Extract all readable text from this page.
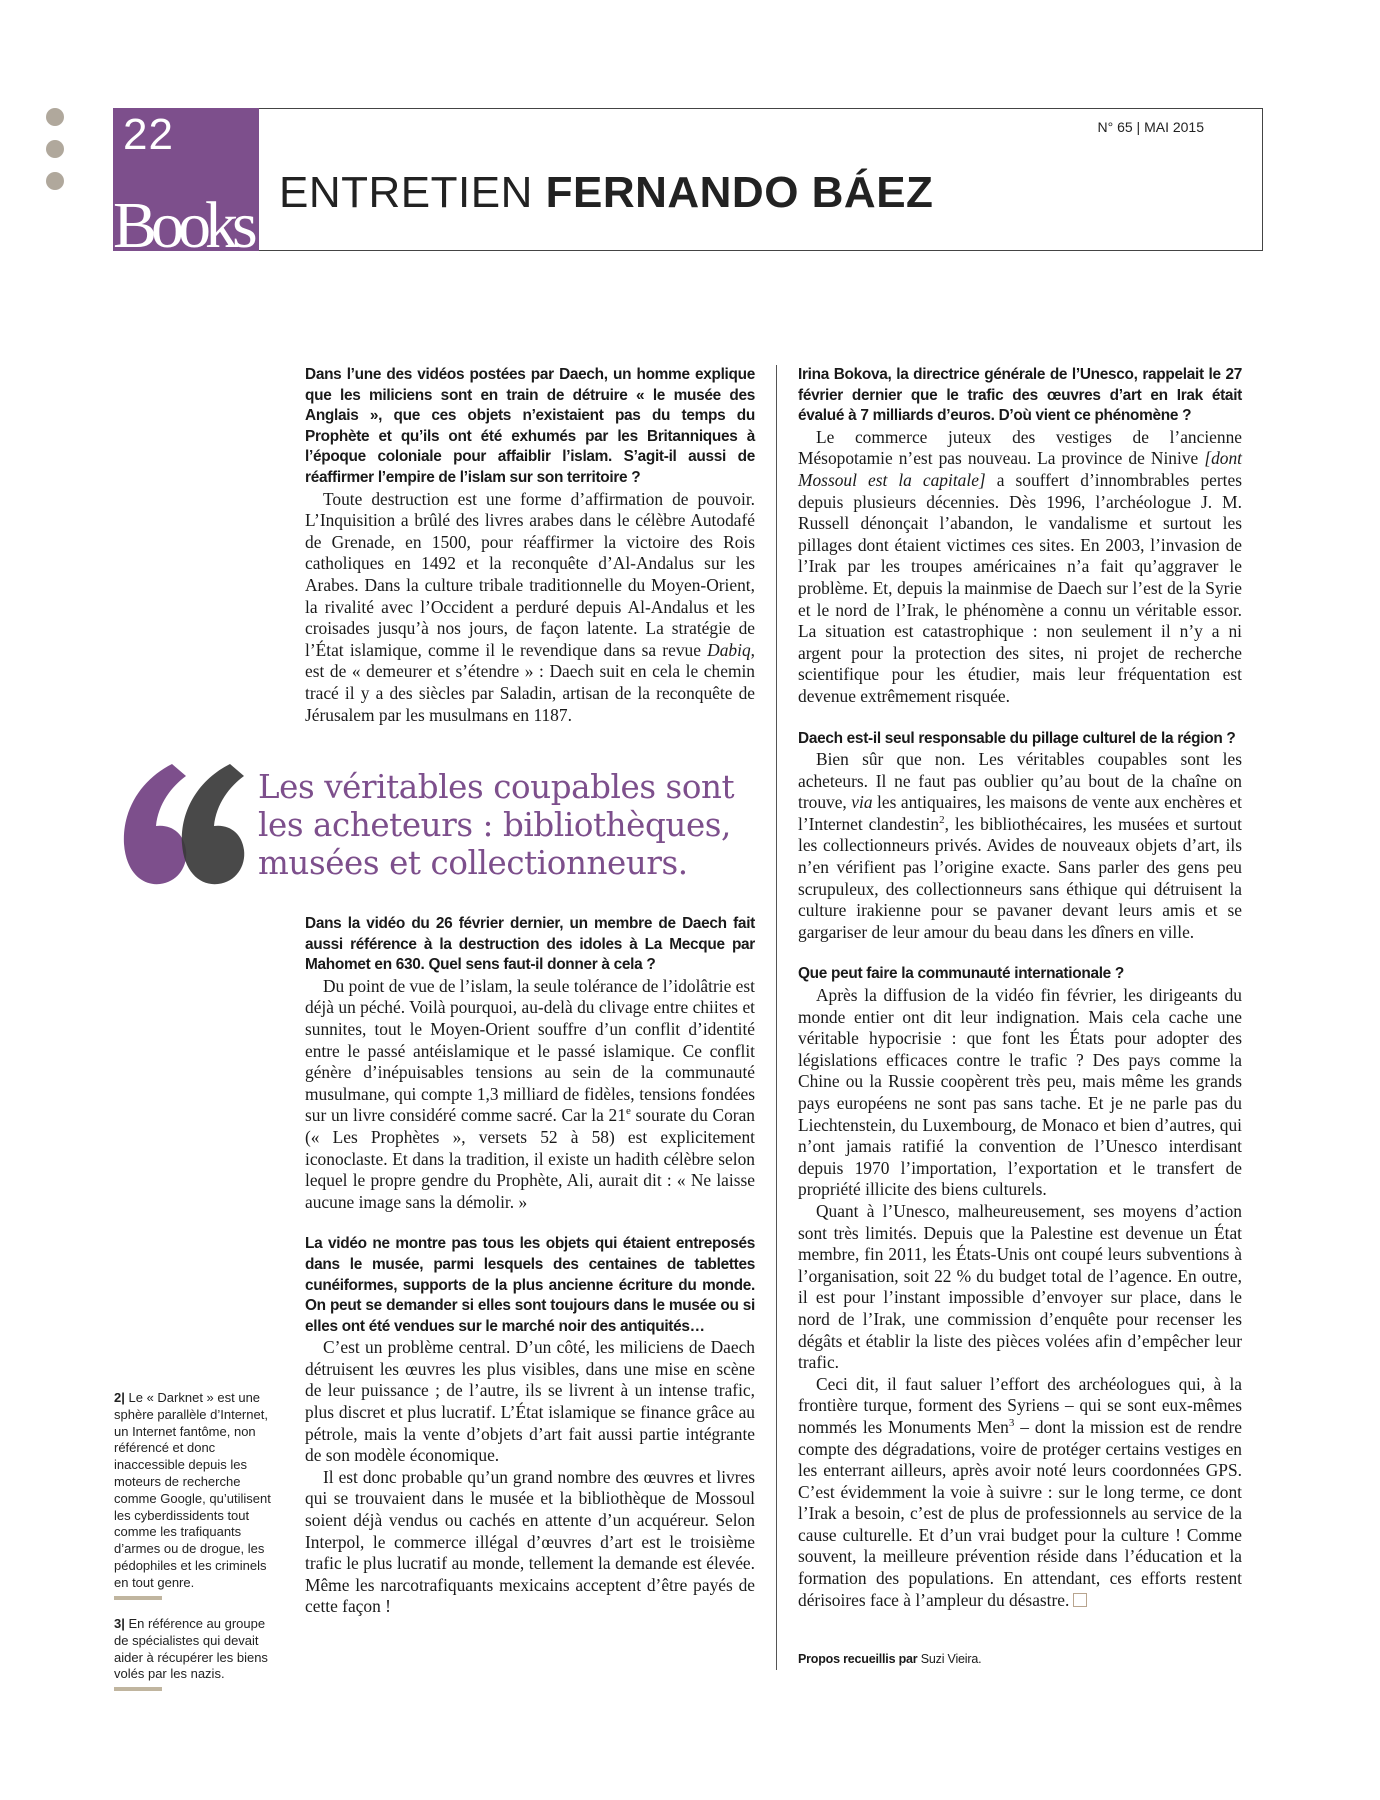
22
Books
N° 65 | MAI 2015
ENTRETIEN FERNANDO BÁEZ

Dans l’une des vidéos postées par Daech, un homme explique que les miliciens sont en train de détruire « le musée des Anglais », que ces objets n’existaient pas du temps du Prophète et qu’ils ont été exhumés par les Britanniques à l’époque coloniale pour affaiblir l’islam. S’agit-il aussi de réaffirmer l’empire de l’islam sur son territoire ?

Toute destruction est une forme d’affirmation de pouvoir. L’Inquisition a brûlé des livres arabes dans le célèbre Autodafé de Grenade, en 1500, pour réaffirmer la victoire des Rois catholiques en 1492 et la reconquête d’Al-Andalus sur les Arabes. Dans la culture tribale traditionnelle du Moyen-Orient, la rivalité avec l’Occident a perduré depuis Al-Andalus et les croisades jusqu’à nos jours, de façon latente. La stratégie de l’État islamique, comme il le revendique dans sa revue Dabiq, est de « demeurer et s’étendre » : Daech suit en cela le chemin tracé il y a des siècles par Saladin, artisan de la reconquête de Jérusalem par les musulmans en 1187.

Les véritables coupables sont les acheteurs : bibliothèques, musées et collectionneurs.

Dans la vidéo du 26 février dernier, un membre de Daech fait aussi référence à la destruction des idoles à La Mecque par Mahomet en 630. Quel sens faut-il donner à cela ?

Du point de vue de l’islam, la seule tolérance de l’idolâtrie est déjà un péché. Voilà pourquoi, au-delà du clivage entre chiites et sunnites, tout le Moyen-Orient souffre d’un conflit d’identité entre le passé antéislamique et le passé islamique. Ce conflit génère d’inépuisables tensions au sein de la communauté musulmane, qui compte 1,3 milliard de fidèles, tensions fondées sur un livre considéré comme sacré. Car la 21e sourate du Coran (« Les Prophètes », versets 52 à 58) est explicitement iconoclaste. Et dans la tradition, il existe un hadith célèbre selon lequel le propre gendre du Prophète, Ali, aurait dit : « Ne laisse aucune image sans la démolir. »

La vidéo ne montre pas tous les objets qui étaient entreposés dans le musée, parmi lesquels des centaines de tablettes cunéiformes, supports de la plus ancienne écriture du monde. On peut se demander si elles sont toujours dans le musée ou si elles ont été vendues sur le marché noir des antiquités…

C’est un problème central. D’un côté, les miliciens de Daech détruisent les œuvres les plus visibles, dans une mise en scène de leur puissance ; de l’autre, ils se livrent à un intense trafic, plus discret et plus lucratif. L’État islamique se finance grâce au pétrole, mais la vente d’objets d’art fait aussi partie intégrante de son modèle économique.

Il est donc probable qu’un grand nombre des œuvres et livres qui se trouvaient dans le musée et la bibliothèque de Mossoul soient déjà vendus ou cachés en attente d’un acquéreur. Selon Interpol, le commerce illégal d’œuvres d’art est le troisième trafic le plus lucratif au monde, tellement la demande est élevée. Même les narcotrafiquants mexicains acceptent d’être payés de cette façon !

Irina Bokova, la directrice générale de l’Unesco, rappelait le 27 février dernier que le trafic des œuvres d’art en Irak était évalué à 7 milliards d’euros. D’où vient ce phénomène ?

Le commerce juteux des vestiges de l’ancienne Mésopotamie n’est pas nouveau. La province de Ninive [dont Mossoul est la capitale] a souffert d’innombrables pertes depuis plusieurs décennies. Dès 1996, l’archéologue J. M. Russell dénonçait l’abandon, le vandalisme et surtout les pillages dont étaient victimes ces sites. En 2003, l’invasion de l’Irak par les troupes américaines n’a fait qu’aggraver le problème. Et, depuis la mainmise de Daech sur l’est de la Syrie et le nord de l’Irak, le phénomène a connu un véritable essor. La situation est catastrophique : non seulement il n’y a ni argent pour la protection des sites, ni projet de recherche scientifique pour les étudier, mais leur fréquentation est devenue extrêmement risquée.

Daech est-il seul responsable du pillage culturel de la région ?

Bien sûr que non. Les véritables coupables sont les acheteurs. Il ne faut pas oublier qu’au bout de la chaîne on trouve, via les antiquaires, les maisons de vente aux enchères et l’Internet clandestin$^2$, les bibliothécaires, les musées et surtout les collectionneurs privés. Avides de nouveaux objets d’art, ils n’en vérifient pas l’origine exacte. Sans parler des gens peu scrupuleux, des collectionneurs sans éthique qui détruisent la culture irakienne pour se pavaner devant leurs amis et se gargariser de leur amour du beau dans les dîners en ville.

Que peut faire la communauté internationale ?

Après la diffusion de la vidéo fin février, les dirigeants du monde entier ont dit leur indignation. Mais cela cache une véritable hypocrisie : que font les États pour adopter des législations efficaces contre le trafic ? Des pays comme la Chine ou la Russie coopèrent très peu, mais même les grands pays européens ne sont pas sans tache. Et je ne parle pas du Liechtenstein, du Luxembourg, de Monaco et bien d’autres, qui n’ont jamais ratifié la convention de l’Unesco interdisant depuis 1970 l’importation, l’exportation et le transfert de propriété illicite des biens culturels.

Quant à l’Unesco, malheureusement, ses moyens d’action sont très limités. Depuis que la Palestine est devenue un État membre, fin 2011, les États-Unis ont coupé leurs subventions à l’organisation, soit 22 % du budget total de l’agence. En outre, il est pour l’instant impossible d’envoyer sur place, dans le nord de l’Irak, une commission d’enquête pour recenser les dégâts et établir la liste des pièces volées afin d’empêcher leur trafic.

Ceci dit, il faut saluer l’effort des archéologues qui, à la frontière turque, forment des Syriens – qui se sont eux-mêmes nommés les Monuments Men$^3$ – dont la mission est de rendre compte des dégradations, voire de protéger certains vestiges en les enterrant ailleurs, après avoir noté leurs coordonnées GPS. C’est évidemment la voie à suivre : sur le long terme, ce dont l’Irak a besoin, c’est de plus de professionnels au service de la cause culturelle. Et d’un vrai budget pour la culture ! Comme souvent, la meilleure prévention réside dans l’éducation et la formation des populations. En attendant, ces efforts restent dérisoires face à l’ampleur du désastre.

Propos recueillis par Suzi Vieira.
2| Le « Darknet » est une sphère parallèle d’Internet, un Internet fantôme, non référencé et donc inaccessible depuis les moteurs de recherche comme Google, qu’utilisent les cyberdissidents tout comme les trafiquants d’armes ou de drogue, les pédophiles et les criminels en tout genre.
3| En référence au groupe de spécialistes qui devait aider à récupérer les biens volés par les nazis.
